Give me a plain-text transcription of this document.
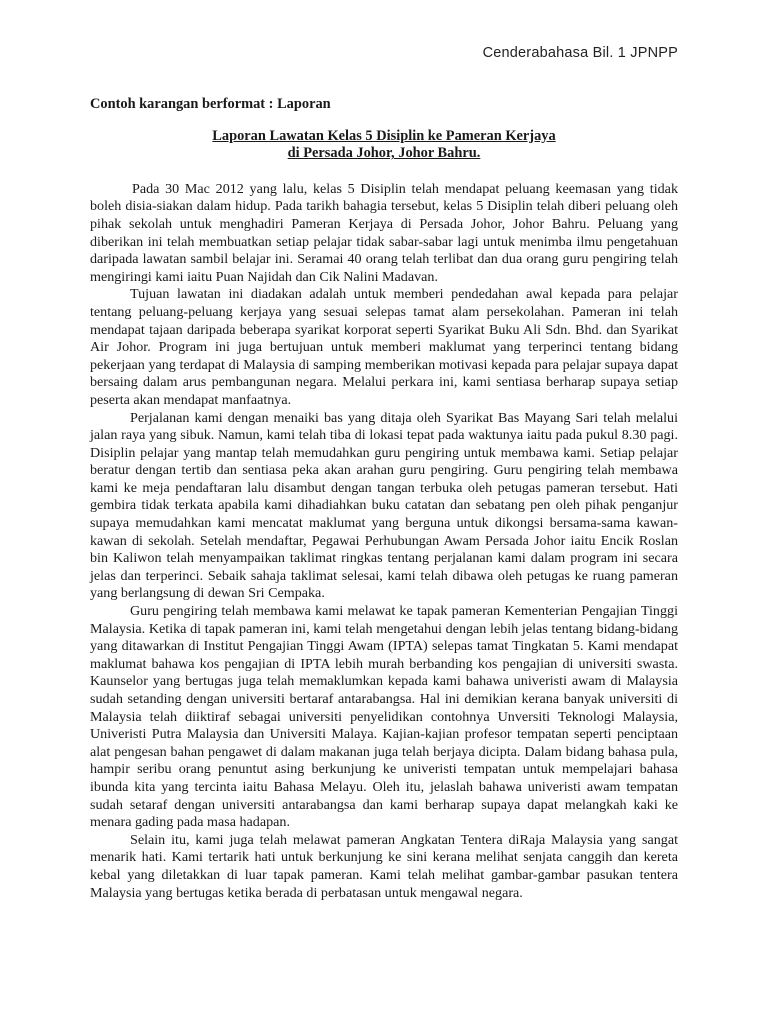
Cenderabahasa Bil. 1 JPNPP

Contoh karangan berformat : Laporan

Laporan Lawatan Kelas 5 Disiplin ke Pameran Kerjaya
di Persada Johor, Johor Bahru.

Pada 30 Mac 2012 yang lalu, kelas 5 Disiplin telah mendapat peluang keemasan yang tidak boleh disia-siakan dalam hidup. Pada tarikh bahagia tersebut, kelas 5 Disiplin telah diberi peluang oleh pihak sekolah untuk menghadiri Pameran Kerjaya di Persada Johor, Johor Bahru. Peluang yang diberikan ini telah membuatkan setiap pelajar tidak sabar-sabar lagi untuk menimba ilmu pengetahuan daripada lawatan sambil belajar ini. Seramai 40 orang telah terlibat dan dua orang guru pengiring telah mengiringi kami iaitu Puan Najidah dan Cik Nalini Madavan.

Tujuan lawatan ini diadakan adalah untuk memberi pendedahan awal kepada para pelajar tentang peluang-peluang kerjaya yang sesuai selepas tamat alam persekolahan. Pameran ini telah mendapat tajaan daripada beberapa syarikat korporat seperti Syarikat Buku Ali Sdn. Bhd. dan Syarikat Air Johor. Program ini juga bertujuan untuk memberi maklumat yang terperinci tentang bidang pekerjaan yang terdapat di Malaysia di samping memberikan motivasi kepada para pelajar supaya dapat bersaing dalam arus pembangunan negara. Melalui perkara ini, kami sentiasa berharap supaya setiap peserta akan mendapat manfaatnya.

Perjalanan kami dengan menaiki bas yang ditaja oleh Syarikat Bas Mayang Sari telah melalui jalan raya yang sibuk. Namun, kami telah tiba di lokasi tepat pada waktunya iaitu pada pukul 8.30 pagi. Disiplin pelajar yang mantap telah memudahkan guru pengiring untuk membawa kami. Setiap pelajar beratur dengan tertib dan sentiasa peka akan arahan guru pengiring. Guru pengiring telah membawa kami ke meja pendaftaran lalu disambut dengan tangan terbuka oleh petugas pameran tersebut. Hati gembira tidak terkata apabila kami dihadiahkan buku catatan dan sebatang pen oleh pihak penganjur supaya memudahkan kami mencatat maklumat yang berguna untuk dikongsi bersama-sama kawan-kawan di sekolah. Setelah mendaftar, Pegawai Perhubungan Awam Persada Johor iaitu Encik Roslan bin Kaliwon telah menyampaikan taklimat ringkas tentang perjalanan kami dalam program ini secara jelas dan terperinci. Sebaik sahaja taklimat selesai, kami telah dibawa oleh petugas ke ruang pameran yang berlangsung di dewan Sri Cempaka.

Guru pengiring telah membawa kami melawat ke tapak pameran Kementerian Pengajian Tinggi Malaysia. Ketika di tapak pameran ini, kami telah mengetahui dengan lebih jelas tentang bidang-bidang yang ditawarkan di Institut Pengajian Tinggi Awam (IPTA) selepas tamat Tingkatan 5. Kami mendapat maklumat bahawa kos pengajian di IPTA lebih murah berbanding kos pengajian di universiti swasta. Kaunselor yang bertugas juga telah memaklumkan kepada kami bahawa univeristi awam di Malaysia sudah setanding dengan universiti bertaraf antarabangsa. Hal ini demikian kerana banyak universiti di Malaysia telah diiktiraf sebagai universiti penyelidikan contohnya Unversiti Teknologi Malaysia, Univeristi Putra Malaysia dan Universiti Malaya. Kajian-kajian profesor tempatan seperti penciptaan alat pengesan bahan pengawet di dalam makanan juga telah berjaya dicipta. Dalam bidang bahasa pula, hampir seribu orang penuntut asing berkunjung ke univeristi tempatan untuk mempelajari bahasa ibunda kita yang tercinta iaitu Bahasa Melayu. Oleh itu, jelaslah bahawa univeristi awam tempatan sudah setaraf dengan universiti antarabangsa dan kami berharap supaya dapat melangkah kaki ke menara gading pada masa hadapan.

Selain itu, kami juga telah melawat pameran Angkatan Tentera diRaja Malaysia yang sangat menarik hati. Kami tertarik hati untuk berkunjung ke sini kerana melihat senjata canggih dan kereta kebal yang diletakkan di luar tapak pameran. Kami telah melihat gambar-gambar pasukan tentera Malaysia yang bertugas ketika berada di perbatasan untuk mengawal negara.
